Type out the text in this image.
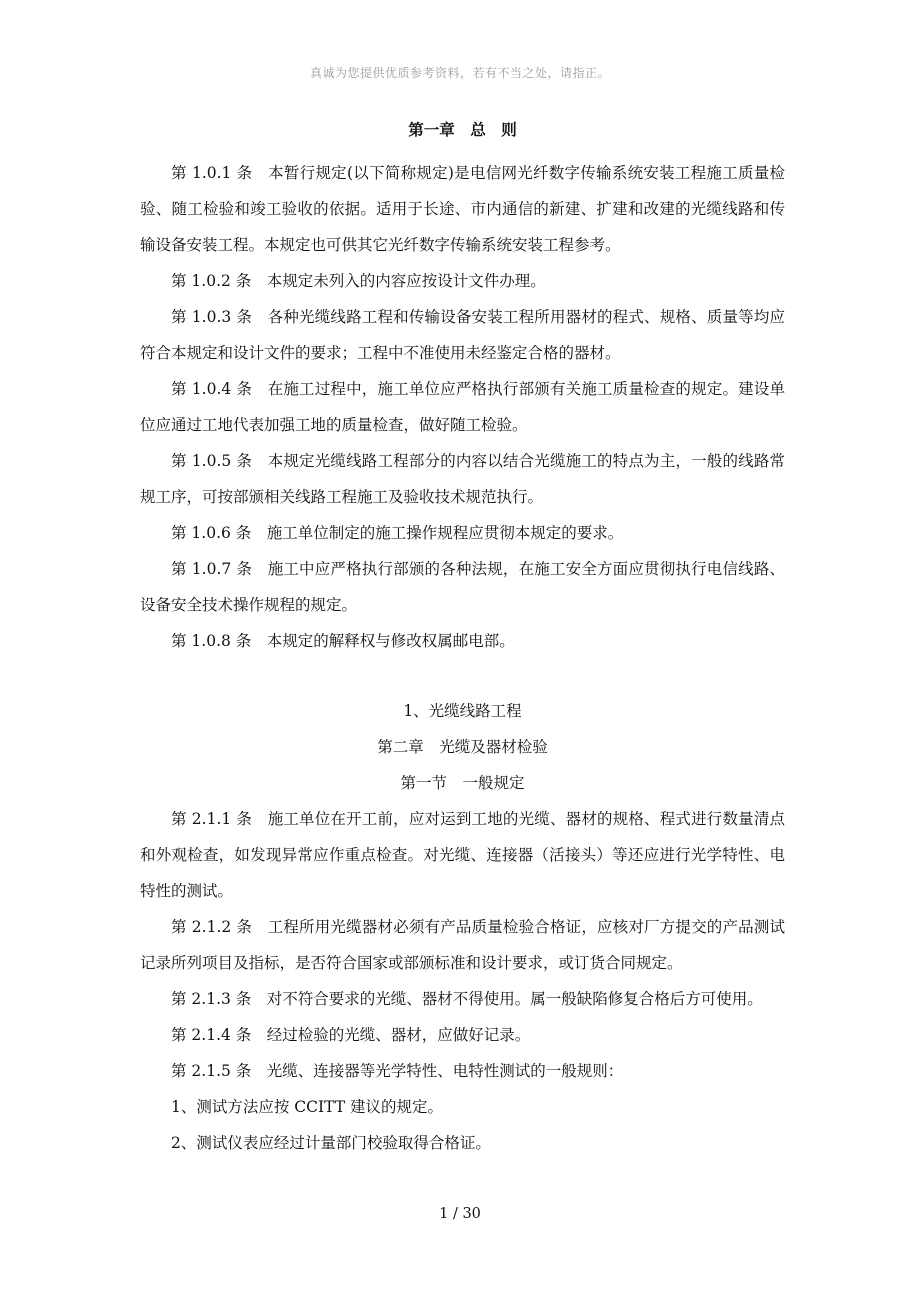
真诚为您提供优质参考资料，若有不当之处，请指正。
第一章　总　则

第 1.0.1 条　本暂行规定(以下简称规定)是电信网光纤数字传输系统安装工程施工质量检验、随工检验和竣工验收的依据。适用于长途、市内通信的新建、扩建和改建的光缆线路和传输设备安装工程。本规定也可供其它光纤数字传输系统安装工程参考。

第 1.0.2 条　本规定未列入的内容应按设计文件办理。

第 1.0.3 条　各种光缆线路工程和传输设备安装工程所用器材的程式、规格、质量等均应符合本规定和设计文件的要求；工程中不准使用未经鉴定合格的器材。

第 1.0.4 条　在施工过程中，施工单位应严格执行部颁有关施工质量检查的规定。建设单位应通过工地代表加强工地的质量检查，做好随工检验。

第 1.0.5 条　本规定光缆线路工程部分的内容以结合光缆施工的特点为主，一般的线路常规工序，可按部颁相关线路工程施工及验收技术规范执行。

第 1.0.6 条　施工单位制定的施工操作规程应贯彻本规定的要求。

第 1.0.7 条　施工中应严格执行部颁的各种法规，在施工安全方面应贯彻执行电信线路、设备安全技术操作规程的规定。

第 1.0.8 条　本规定的解释权与修改权属邮电部。

1、光缆线路工程

第二章　光缆及器材检验

第一节　一般规定

第 2.1.1 条　施工单位在开工前，应对运到工地的光缆、器材的规格、程式进行数量清点和外观检查，如发现异常应作重点检查。对光缆、连接器（活接头）等还应进行光学特性、电特性的测试。

第 2.1.2 条　工程所用光缆器材必须有产品质量检验合格证，应核对厂方提交的产品测试记录所列项目及指标，是否符合国家或部颁标准和设计要求，或订货合同规定。

第 2.1.3 条　对不符合要求的光缆、器材不得使用。属一般缺陷修复合格后方可使用。

第 2.1.4 条　经过检验的光缆、器材，应做好记录。

第 2.1.5 条　光缆、连接器等光学特性、电特性测试的一般规则：

1、测试方法应按 CCITT 建议的规定。

2、测试仪表应经过计量部门校验取得合格证。

1 / 30
